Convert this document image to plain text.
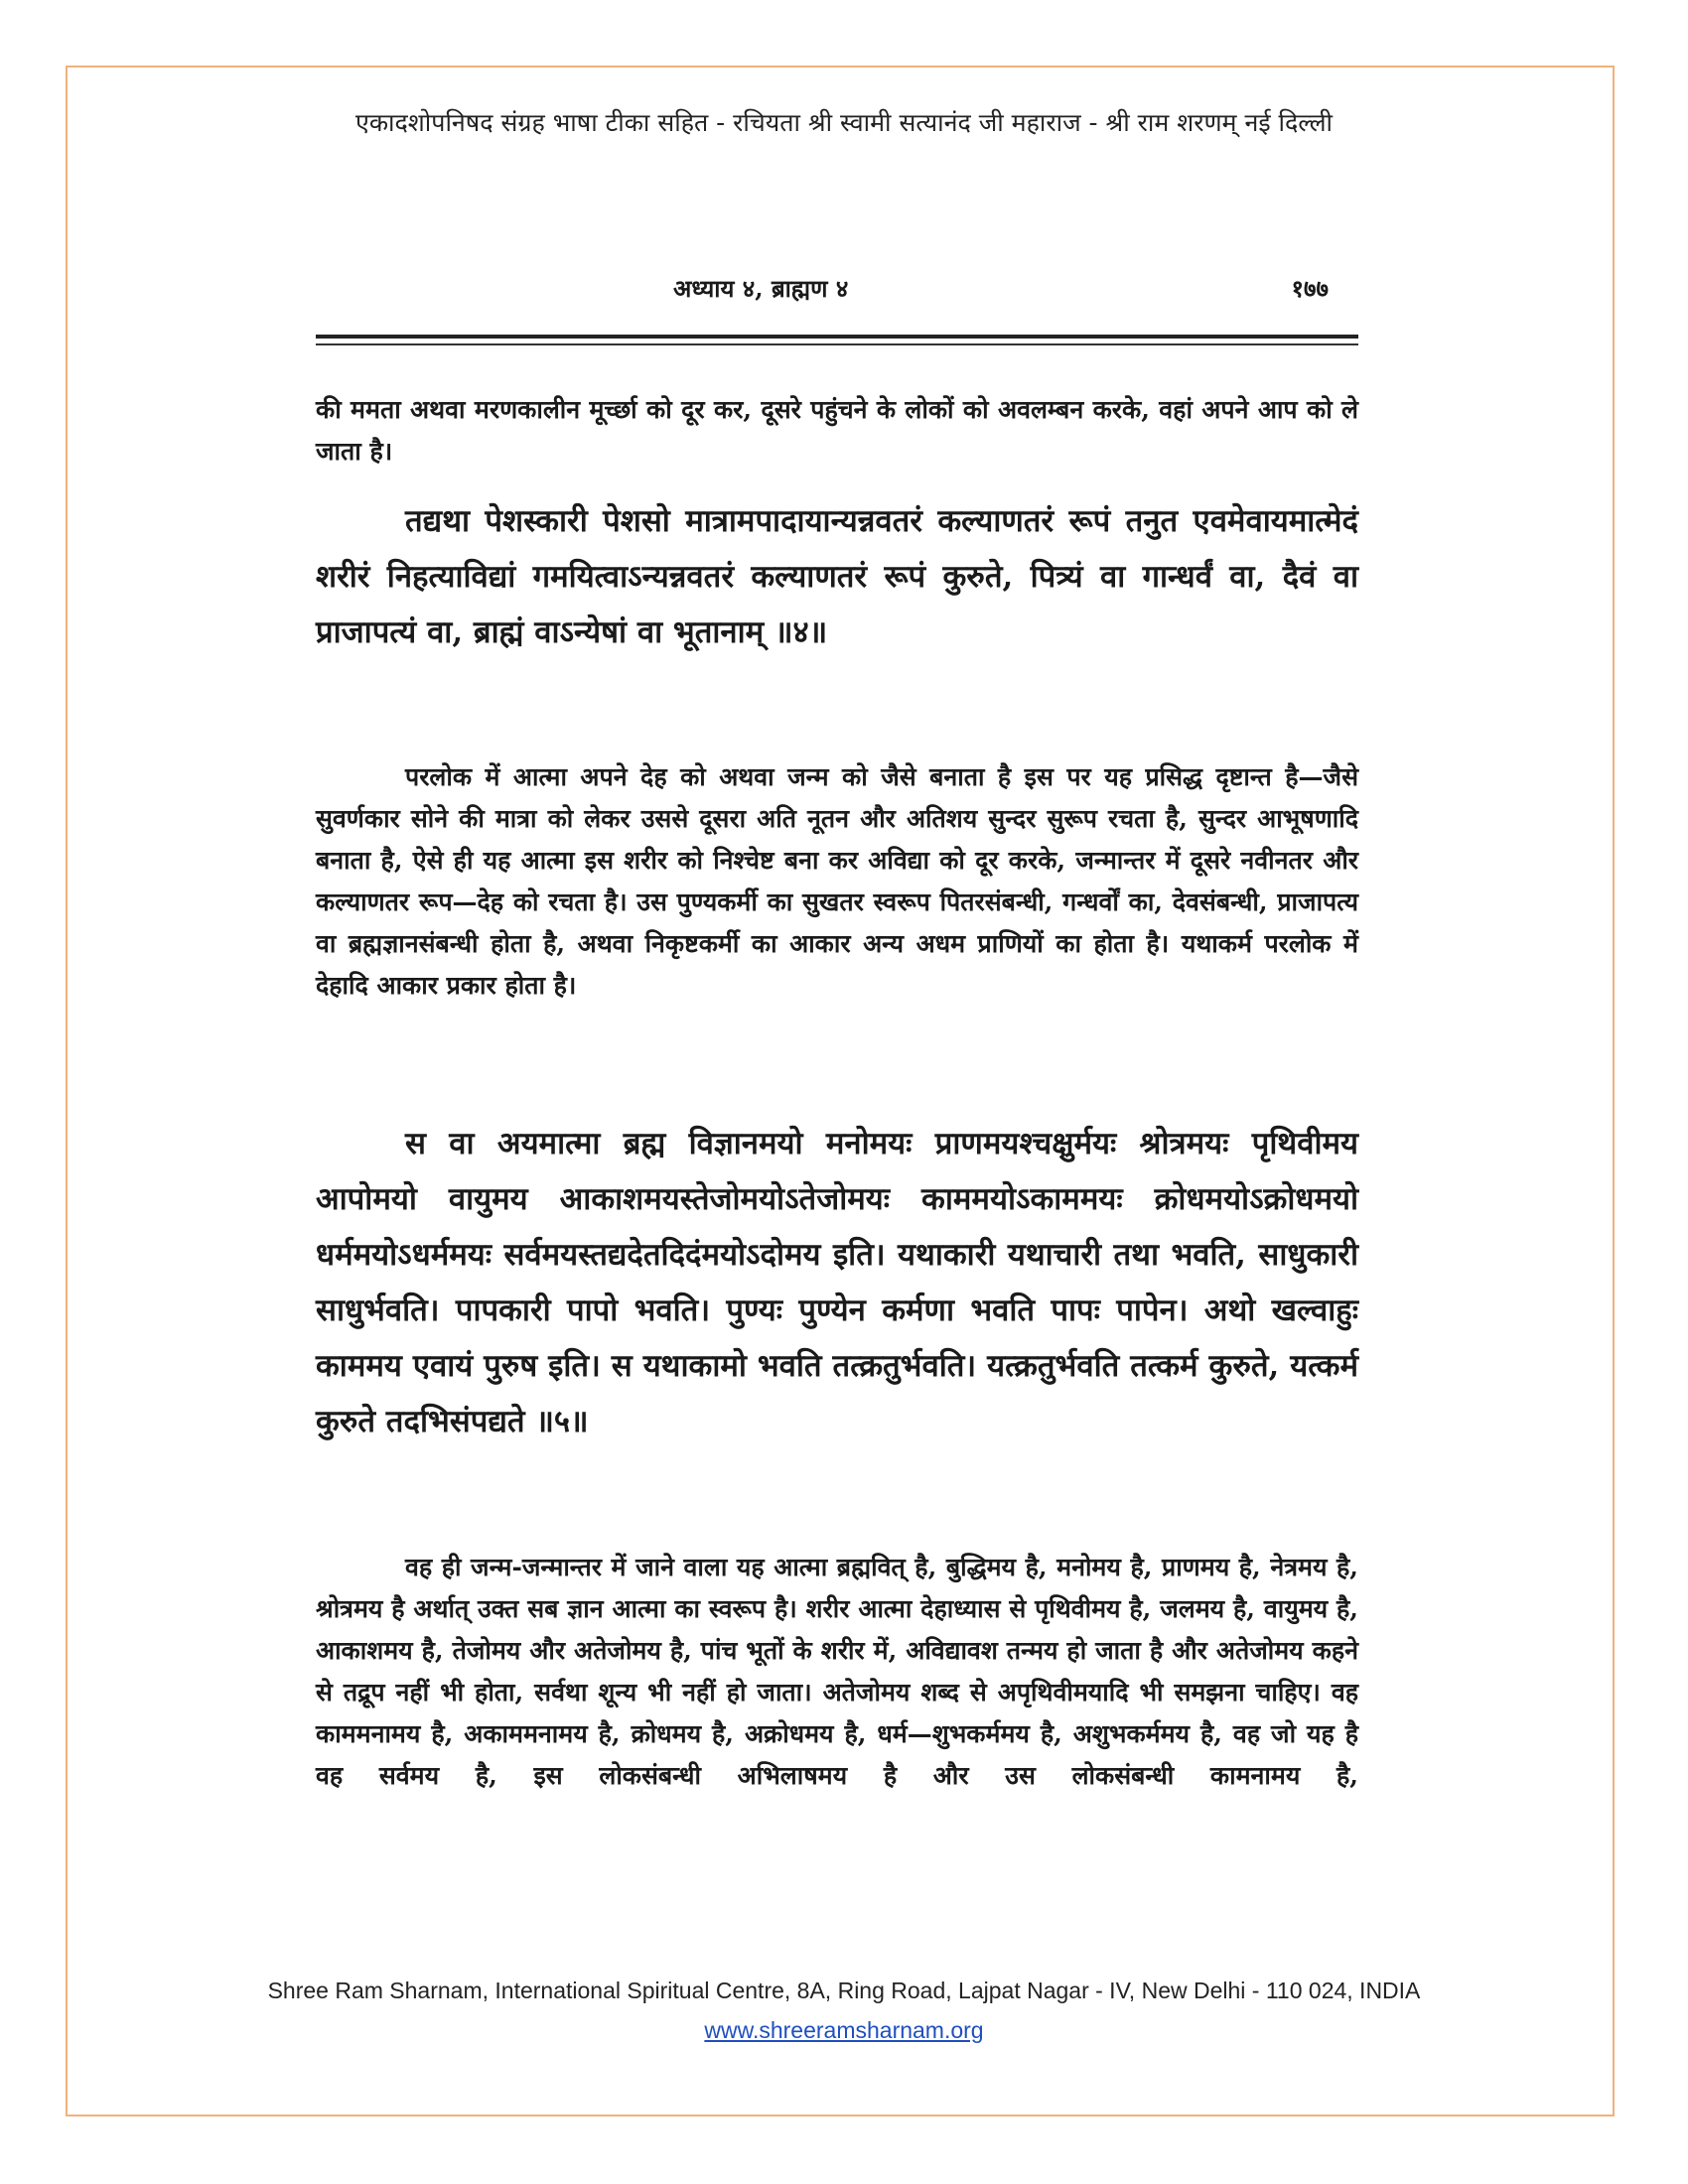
एकादशोपनिषद संग्रह भाषा टीका सहित - रचियता श्री स्वामी सत्यानंद जी महाराज - श्री राम शरणम् नई दिल्ली
अध्याय ४, ब्राह्मण ४	१७७

की ममता अथवा मरणकालीन मूर्च्छा को दूर कर, दूसरे पहुंचने के लोकों को अवलम्बन करके, वहां अपने आप को ले जाता है।

तद्यथा पेशस्कारी पेशसो मात्रामपादायान्यन्नवतरं कल्याणतरं रूपं तनुत एवमेवायमात्मेदं शरीरं निहत्याविद्यां गमयित्वाऽन्यन्नवतरं कल्याणतरं रूपं कुरुते, पित्र्यं वा गान्धर्वं वा, दैवं वा प्राजापत्यं वा, ब्राह्मं वाऽन्येषां वा भूतानाम् ॥४॥

परलोक में आत्मा अपने देह को अथवा जन्म को जैसे बनाता है इस पर यह प्रसिद्ध दृष्टान्त है—जैसे सुवर्णकार सोने की मात्रा को लेकर उससे दूसरा अति नूतन और अतिशय सुन्दर सुरूप रचता है, सुन्दर आभूषणादि बनाता है, ऐसे ही यह आत्मा इस शरीर को निश्चेष्ट बना कर अविद्या को दूर करके, जन्मान्तर में दूसरे नवीनतर और कल्याणतर रूप—देह को रचता है। उस पुण्यकर्मी का सुखतर स्वरूप पितरसंबन्धी, गन्धर्वों का, देवसंबन्धी, प्राजापत्य वा ब्रह्मज्ञानसंबन्धी होता है, अथवा निकृष्टकर्मी का आकार अन्य अधम प्राणियों का होता है। यथाकर्म परलोक में देहादि आकार प्रकार होता है।

स वा अयमात्मा ब्रह्म विज्ञानमयो मनोमयः प्राणमयश्चक्षुर्मयः श्रोत्रमयः पृथिवीमय आपोमयो वायुमय आकाशमयस्तेजोमयोऽतेजोमयः काममयोऽकाममयः क्रोधमयोऽक्रोधमयो धर्ममयोऽधर्ममयः सर्वमयस्तद्यदेतदिदंमयोऽदोमय इति। यथाकारी यथाचारी तथा भवति, साधुकारी साधुर्भवति। पापकारी पापो भवति। पुण्यः पुण्येन कर्मणा भवति पापः पापेन। अथो खल्वाहुः काममय एवायं पुरुष इति। स यथाकामो भवति तत्क्रतुर्भवति। यत्क्रतुर्भवति तत्कर्म कुरुते, यत्कर्म कुरुते तदभिसंपद्यते ॥५॥

वह ही जन्म-जन्मान्तर में जाने वाला यह आत्मा ब्रह्मवित् है, बुद्धिमय है, मनोमय है, प्राणमय है, नेत्रमय है, श्रोत्रमय है अर्थात् उक्त सब ज्ञान आत्मा का स्वरूप है। शरीर आत्मा देहाध्यास से पृथिवीमय है, जलमय है, वायुमय है, आकाशमय है, तेजोमय और अतेजोमय है, पांच भूतों के शरीर में, अविद्यावश तन्मय हो जाता है और अतेजोमय कहने से तद्रूप नहीं भी होता, सर्वथा शून्य भी नहीं हो जाता। अतेजोमय शब्द से अपृथिवीमयादि भी समझना चाहिए। वह काममनामय है, अकाममनामय है, क्रोधमय है, अक्रोधमय है, धर्म—शुभकर्ममय है, अशुभकर्ममय है, वह जो यह है वह सर्वमय है, इस लोकसंबन्धी अभिलाषमय है और उस लोकसंबन्धी कामनामय है,

Shree Ram Sharnam, International Spiritual Centre, 8A, Ring Road, Lajpat Nagar - IV, New Delhi - 110 024, INDIA
www.shreeramsharnam.org
